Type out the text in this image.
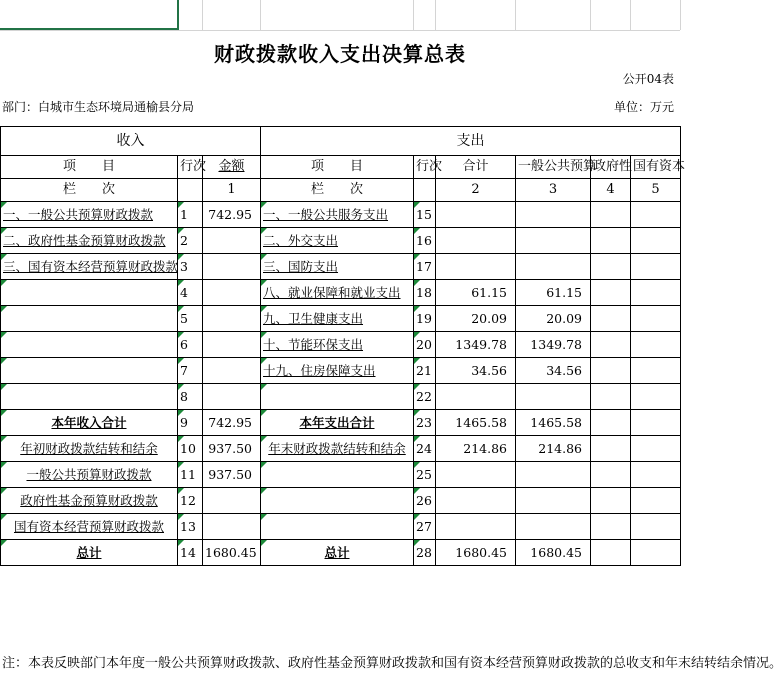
财政拨款收入支出决算总表
公开04表
部门：白城市生态环境局通榆县分局	单位：万元
收入			支出					
项　　目	行次	金额	项　　目	行次	合计	一般公共预算	政府性	国有资本
栏　　次		1	栏　　次		2	3	4	5
一、一般公共预算财政拨款	1	742.95	一、一般公共服务支出	15				
二、政府性基金预算财政拨款	2		二、外交支出	16				
三、国有资本经营预算财政拨款	3		三、国防支出	17				
	4		八、就业保障和就业支出	18	61.15	61.15		
	5		九、卫生健康支出	19	20.09	20.09		
	6		十、节能环保支出	20	1349.78	1349.78		
	7		十九、住房保障支出	21	34.56	34.56		
	8			22				
本年收入合计	9	742.95	本年支出合计	23	1465.58	1465.58		
年初财政拨款结转和结余	10	937.50	年末财政拨款结转和结余	24	214.86	214.86		
一般公共预算财政拨款	11	937.50		25				
政府性基金预算财政拨款	12			26				
国有资本经营预算财政拨款	13			27				
总计	14	1680.45	总计	28	1680.45	1680.45		
注：本表反映部门本年度一般公共预算财政拨款、政府性基金预算财政拨款和国有资本经营预算财政拨款的总收支和年末结转结余情况。
